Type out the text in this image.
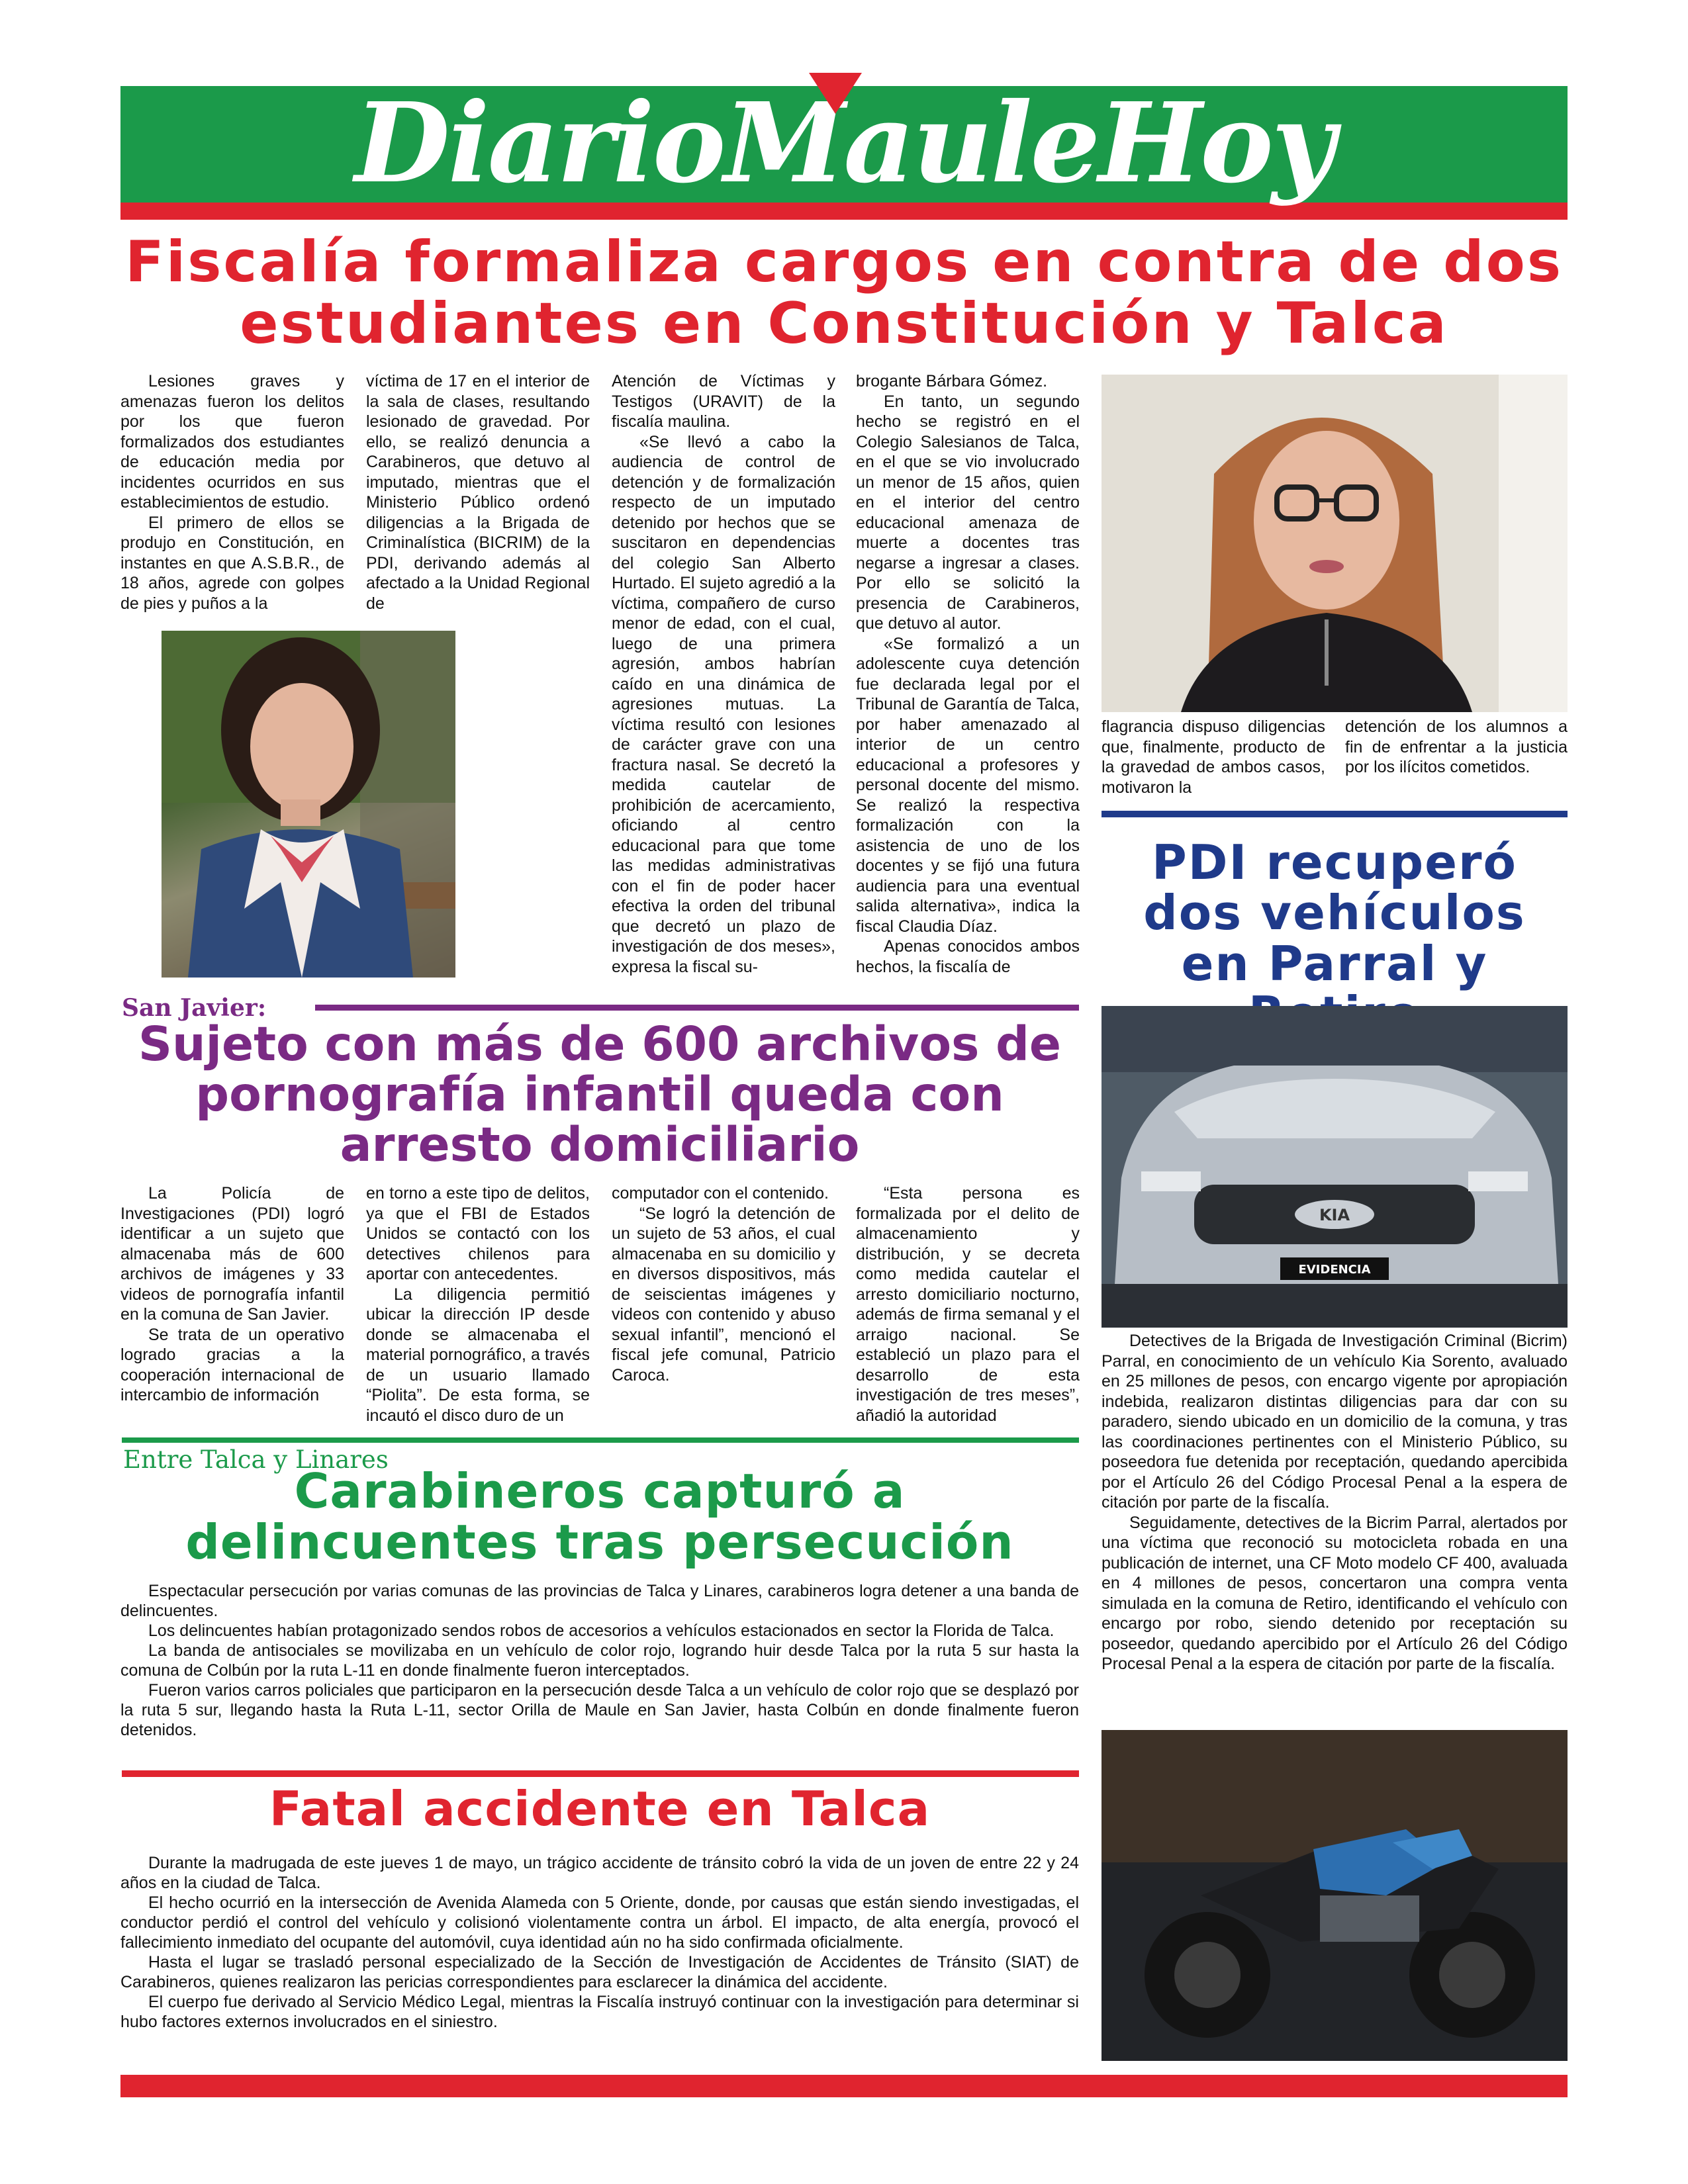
DiarioMauleHoy
Fiscalía formaliza cargos en contra de dos estudiantes en Constitución y Talca

Lesiones graves y amenazas fueron los delitos por los que fueron formalizados dos estudiantes de educación media por incidentes ocurridos en sus establecimientos de estudio.

El primero de ellos se produjo en Constitución, en instantes en que A.S.B.R., de 18 años, agrede con golpes de pies y puños a la

víctima de 17 en el interior de la sala de clases, resultando lesionado de gravedad. Por ello, se realizó denuncia a Carabineros, que detuvo al imputado, mientras que el Ministerio Público ordenó diligencias a la Brigada de Criminalística (BICRIM) de la PDI, derivando además al afectado a la Unidad Regional de

Atención de Víctimas y Testigos (URAVIT) de la fiscalía maulina.

«Se llevó a cabo la audiencia de control de detención y de formalización respecto de un imputado detenido por hechos que se suscitaron en dependencias del colegio San Alberto Hurtado. El sujeto agredió a la víctima, compañero de curso menor de edad, con el cual, luego de una primera agresión, ambos habrían caído en una dinámica de agresiones mutuas. La víctima resultó con lesiones de carácter grave con una fractura nasal. Se decretó la medida cautelar de prohibición de acercamiento, oficiando al centro educacional para que tome las medidas administrativas con el fin de poder hacer efectiva la orden del tribunal que decretó un plazo de investigación de dos meses», expresa la fiscal su-

brogante Bárbara Gómez.

En tanto, un segundo hecho se registró en el Colegio Salesianos de Talca, en el que se vio involucrado un menor de 15 años, quien en el interior del centro educacional amenaza de muerte a docentes tras negarse a ingresar a clases. Por ello se solicitó la presencia de Carabineros, que detuvo al autor.

«Se formalizó a un adolescente cuya detención fue declarada legal por el Tribunal de Garantía de Talca, por haber amenazado al interior de un centro educacional a profesores y personal docente del mismo. Se realizó la respectiva formalización con la asistencia de uno de los docentes y se fijó una futura audiencia para una eventual salida alternativa», indica la fiscal Claudia Díaz.

Apenas conocidos ambos hechos, la fiscalía de

flagrancia dispuso diligencias que, finalmente, producto de la gravedad de ambos casos, motivaron la

detención de los alumnos a fin de enfrentar a la justicia por los ilícitos cometidos.

San Javier:
Sujeto con más de 600 archivos de pornografía infantil queda con arresto domiciliario

La Policía de Investigaciones (PDI) logró identificar a un sujeto que almacenaba más de 600 archivos de imágenes y 33 videos de pornografía infantil en la comuna de San Javier.

Se trata de un operativo logrado gracias a la cooperación internacional de intercambio de información

en torno a este tipo de delitos, ya que el FBI de Estados Unidos se contactó con los detectives chilenos para aportar con antecedentes.

La diligencia permitió ubicar la dirección IP desde donde se almacenaba el material pornográfico, a través de un usuario llamado “Piolita”. De esta forma, se incautó el disco duro de un

computador con el contenido.

“Se logró la detención de un sujeto de 53 años, el cual almacenaba en su domicilio y en diversos dispositivos, más de seiscientas imágenes y videos con contenido y abuso sexual infantil”, mencionó el fiscal jefe comunal, Patricio Caroca.

“Esta persona es formalizada por el delito de almacenamiento y distribución, y se decreta como medida cautelar el arresto domiciliario nocturno, además de firma semanal y el arraigo nacional. Se estableció un plazo para el desarrollo de esta investigación de tres meses”, añadió la autoridad

PDI recuperó dos vehículos en Parral y
KIA
EVIDENCIA

Detectives de la Brigada de Investigación Criminal (Bicrim) Parral, en conocimiento de un vehículo Kia Sorento, avaluado en 25 millones de pesos, con encargo vigente por apropiación indebida, realizaron distintas diligencias para dar con su paradero, siendo ubicado en un domicilio de la comuna, y tras las coordinaciones pertinentes con el Ministerio Público, su poseedora fue detenida por receptación, quedando apercibida por el Artículo 26 del Código Procesal Penal a la espera de citación por parte de la fiscalía.

Seguidamente, detectives de la Bicrim Parral, alertados por una víctima que reconoció su motocicleta robada en una publicación de internet, una CF Moto modelo CF 400, avaluada en 4 millones de pesos, concertaron una compra venta simulada en la comuna de Retiro, identificando el vehículo con encargo por robo, siendo detenido por receptación su poseedor, quedando apercibido por el Artículo 26 del Código Procesal Penal a la espera de citación por parte de la fiscalía.

Entre Talca y Linares
Carabineros capturó a delincuentes tras persecución

Espectacular persecución por varias comunas de las provincias de Talca y Linares, carabineros logra detener a una banda de delincuentes.

Los delincuentes habían protagonizado sendos robos de accesorios a vehículos estacionados en sector la Florida de Talca.

La banda de antisociales se movilizaba en un vehículo de color rojo, logrando huir desde Talca por la ruta 5 sur hasta la comuna de Colbún por la ruta L-11 en donde finalmente fueron interceptados.

Fueron varios carros policiales que participaron en la persecución desde Talca a un vehículo de color rojo que se desplazó por la ruta 5 sur, llegando hasta la Ruta L-11, sector Orilla de Maule en San Javier, hasta Colbún en donde finalmente fueron detenidos.

Fatal accidente en Talca

Durante la madrugada de este jueves 1 de mayo, un trágico accidente de tránsito cobró la vida de un joven de entre 22 y 24 años en la ciudad de Talca.

El hecho ocurrió en la intersección de Avenida Alameda con 5 Oriente, donde, por causas que están siendo investigadas, el conductor perdió el control del vehículo y colisionó violentamente contra un árbol. El impacto, de alta energía, provocó el fallecimiento inmediato del ocupante del automóvil, cuya identidad aún no ha sido confirmada oficialmente.

Hasta el lugar se trasladó personal especializado de la Sección de Investigación de Accidentes de Tránsito (SIAT) de Carabineros, quienes realizaron las pericias correspondientes para esclarecer la dinámica del accidente.

El cuerpo fue derivado al Servicio Médico Legal, mientras la Fiscalía instruyó continuar con la investigación para determinar si hubo factores externos involucrados en el siniestro.
